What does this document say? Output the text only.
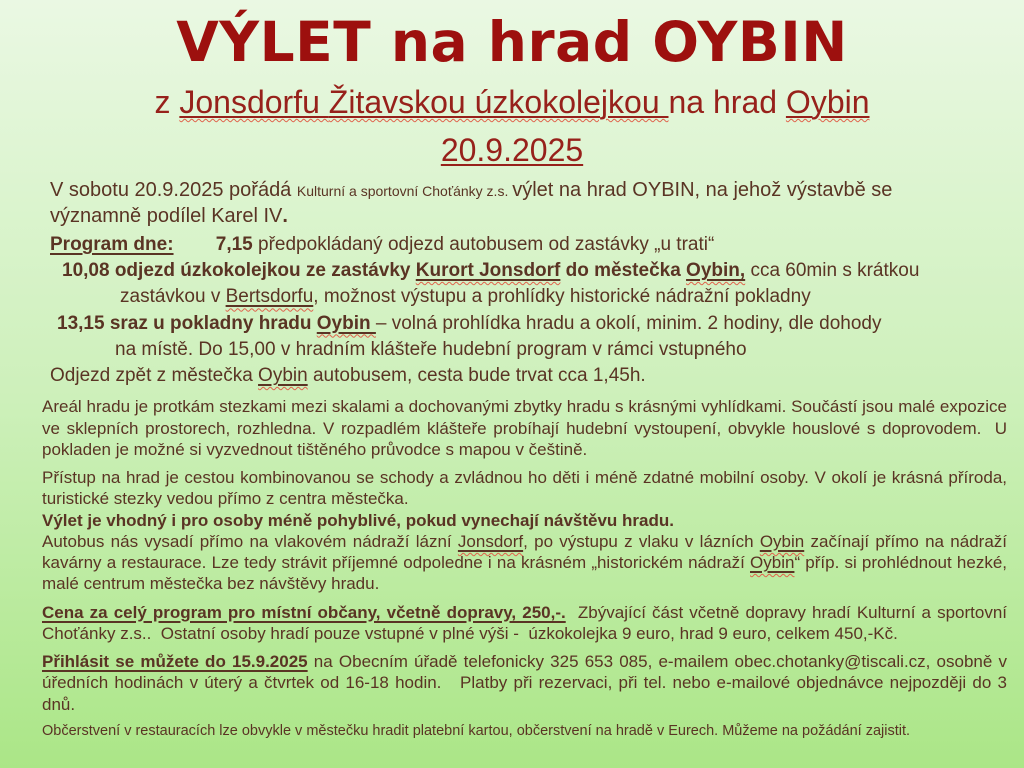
VÝLET na hrad OYBIN
z Jonsdorfu Žitavskou úzkokolejkou na hrad Oybin
20.9.2025
V sobotu 20.9.2025 pořádá Kulturní a sportovní Choťánky z.s. výlet na hrad OYBIN, na jehož výstavbě se významně podílel Karel IV.
Program dne: 7,15 předpokládaný odjezd autobusem od zastávky „u trati“
10,08 odjezd úzkokolejkou ze zastávky Kurort Jonsdorf do městečka Oybin, cca 60min s krátkou
zastávkou v Bertsdorfu, možnost výstupu a prohlídky historické nádražní pokladny
13,15 sraz u pokladny hradu Oybin – volná prohlídka hradu a okolí, minim. 2 hodiny, dle dohody
na místě. Do 15,00 v hradním klášteře hudební program v rámci vstupného
Odjezd zpět z městečka Oybin autobusem, cesta bude trvat cca 1,45h.
Areál hradu je protkám stezkami mezi skalami a dochovanými zbytky hradu s krásnými vyhlídkami. Součástí jsou malé expozice ve sklepních prostorech, rozhledna. V rozpadlém klášteře probíhají hudební vystoupení, obvykle houslové s doprovodem.  U pokladen je možné si vyzvednout tištěného průvodce s mapou v češtině.
Přístup na hrad je cestou kombinovanou se schody a zvládnou ho děti i méně zdatné mobilní osoby. V okolí je krásná příroda, turistické stezky vedou přímo z centra městečka.
Výlet je vhodný i pro osoby méně pohyblivé, pokud vynechají návštěvu hradu.
Autobus nás vysadí přímo na vlakovém nádraží lázní Jonsdorf, po výstupu z vlaku v lázních Oybin začínají přímo na nádraží kavárny a restaurace. Lze tedy strávit příjemné odpoledne i na krásném „historickém nádraží Oybin“ příp. si prohlédnout hezké, malé centrum městečka bez návštěvy hradu.
Cena za celý program pro místní občany, včetně dopravy, 250,-.  Zbývající část včetně dopravy hradí Kulturní a sportovní Choťánky z.s..  Ostatní osoby hradí pouze vstupné v plné výši -  úzkokolejka 9 euro, hrad 9 euro, celkem 450,-Kč.
Přihlásit se můžete do 15.9.2025 na Obecním úřadě telefonicky 325 653 085, e-mailem obec.chotanky@tiscali.cz, osobně v úředních hodinách v úterý a čtvrtek od 16-18 hodin.   Platby při rezervaci, při tel. nebo e-mailové objednávce nejpozději do 3 dnů.
Občerstvení v restauracích lze obvykle v městečku hradit platební kartou, občerstvení na hradě v Eurech. Můžeme na požádání zajistit.
